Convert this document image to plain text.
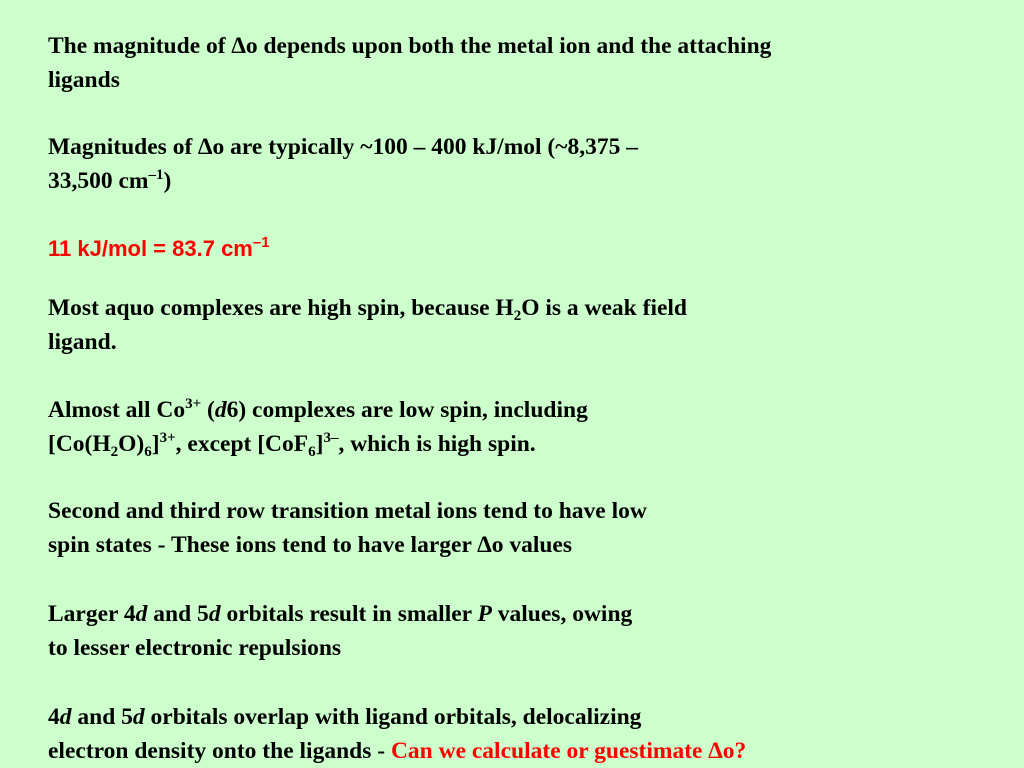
The magnitude of ∆o depends upon both the metal ion and the attaching
ligands

Magnitudes of ∆o are typically ~100 – 400 kJ/mol (~8,375 –
33,500 $cm^{-1}$)

11 kJ/mol = 83.7 $cm^{-1}$

Most aquo complexes are high spin, because $H_2O$ is a weak field
ligand.

Almost all $Co^{3+}$ (d6) complexes are low spin, including
$[Co(H_2O)_6]^{3+}$, except $[CoF_6]^{3-}$, which is high spin.

Second and third row transition metal ions tend to have low
spin states - These ions tend to have larger ∆o values

Larger 4d and 5d orbitals result in smaller P values, owing
to lesser electronic repulsions

4d and 5d orbitals overlap with ligand orbitals, delocalizing
electron density onto the ligands - Can we calculate or guestimate ∆o?
